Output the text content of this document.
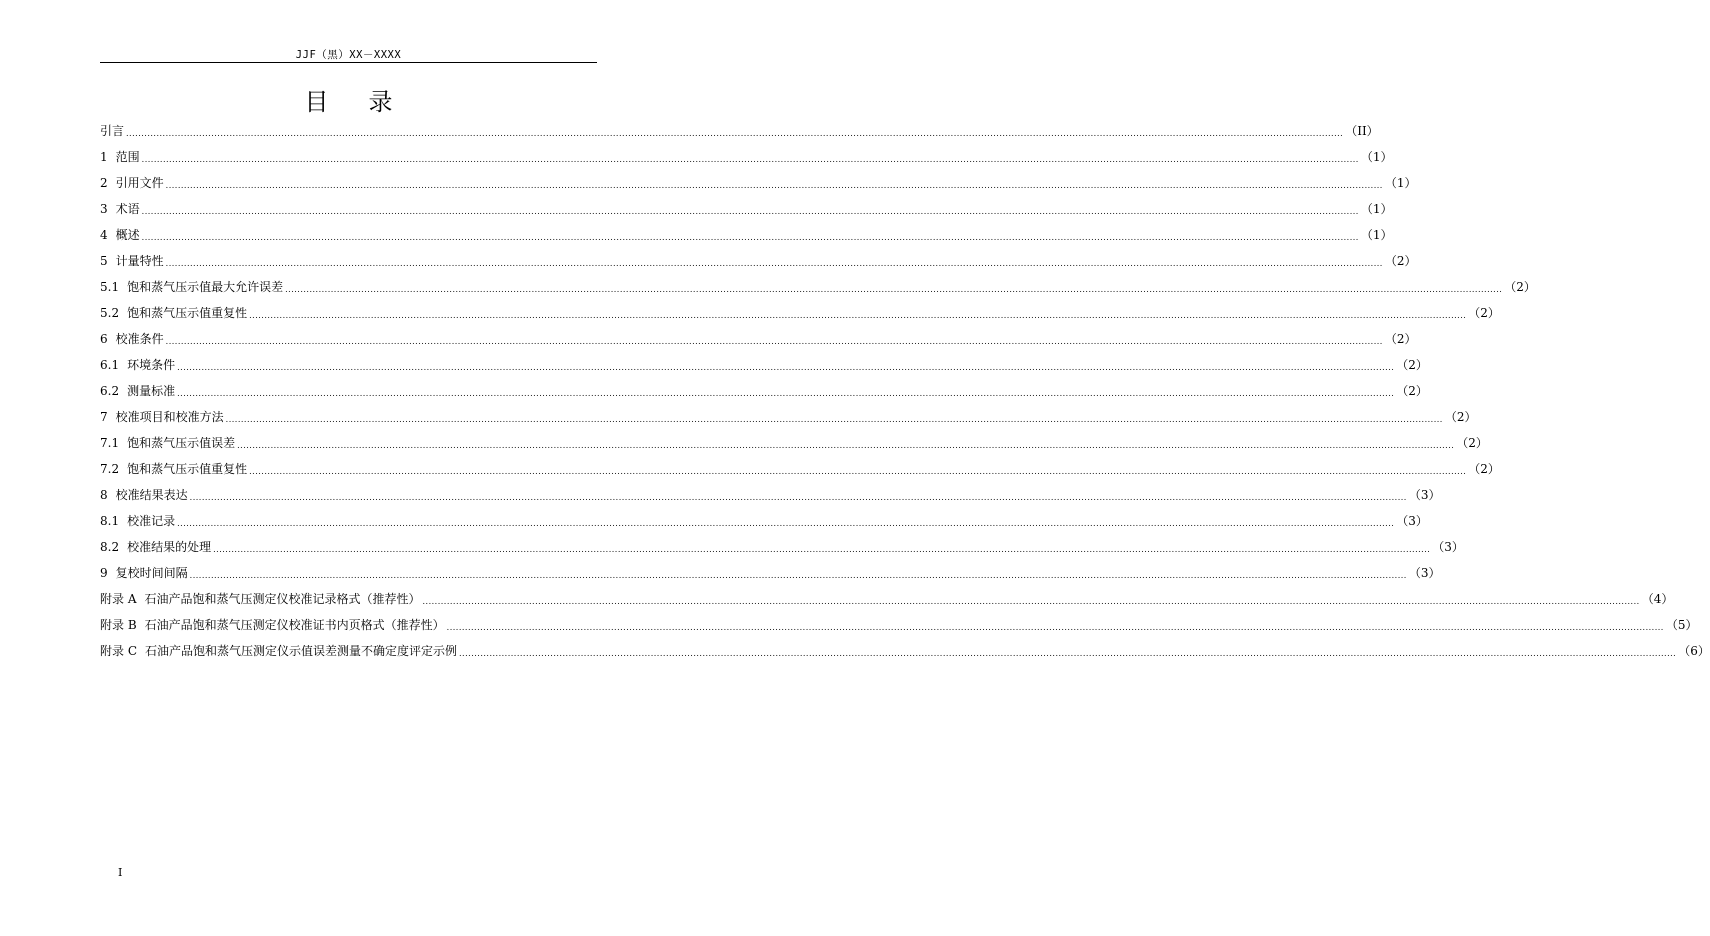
JJF（黑）XX－XXXX
目录
引言 ................................................................................................................................................................................................................................................................................................................................................................................................................ （II）
1 范围 ................................................................................................................................................................................................................................................................................................................................................................................................................ （1）
2 引用文件 ................................................................................................................................................................................................................................................................................................................................................................................................................ （1）
3 术语 ................................................................................................................................................................................................................................................................................................................................................................................................................ （1）
4 概述 ................................................................................................................................................................................................................................................................................................................................................................................................................ （1）
5 计量特性 ................................................................................................................................................................................................................................................................................................................................................................................................................ （2）
5.1 饱和蒸气压示值最大允许误差 ................................................................................................................................................................................................................................................................................................................................................................................................................ （2）
5.2 饱和蒸气压示值重复性 ................................................................................................................................................................................................................................................................................................................................................................................................................ （2）
6 校准条件 ................................................................................................................................................................................................................................................................................................................................................................................................................ （2）
6.1 环境条件 ................................................................................................................................................................................................................................................................................................................................................................................................................ （2）
6.2 测量标准 ................................................................................................................................................................................................................................................................................................................................................................................................................ （2）
7 校准项目和校准方法 ................................................................................................................................................................................................................................................................................................................................................................................................................ （2）
7.1 饱和蒸气压示值误差 ................................................................................................................................................................................................................................................................................................................................................................................................................ （2）
7.2 饱和蒸气压示值重复性 ................................................................................................................................................................................................................................................................................................................................................................................................................ （2）
8 校准结果表达 ................................................................................................................................................................................................................................................................................................................................................................................................................ （3）
8.1 校准记录 ................................................................................................................................................................................................................................................................................................................................................................................................................ （3）
8.2 校准结果的处理 ................................................................................................................................................................................................................................................................................................................................................................................................................ （3）
9 复校时间间隔 ................................................................................................................................................................................................................................................................................................................................................................................................................ （3）
附录 A 石油产品饱和蒸气压测定仪校准记录格式（推荐性） ................................................................................................................................................................................................................................................................................................................................................................................................................ （4）
附录 B 石油产品饱和蒸气压测定仪校准证书内页格式（推荐性） ................................................................................................................................................................................................................................................................................................................................................................................................................ （5）
附录 C 石油产品饱和蒸气压测定仪示值误差测量不确定度评定示例 ................................................................................................................................................................................................................................................................................................................................................................................................................ （6）
I
